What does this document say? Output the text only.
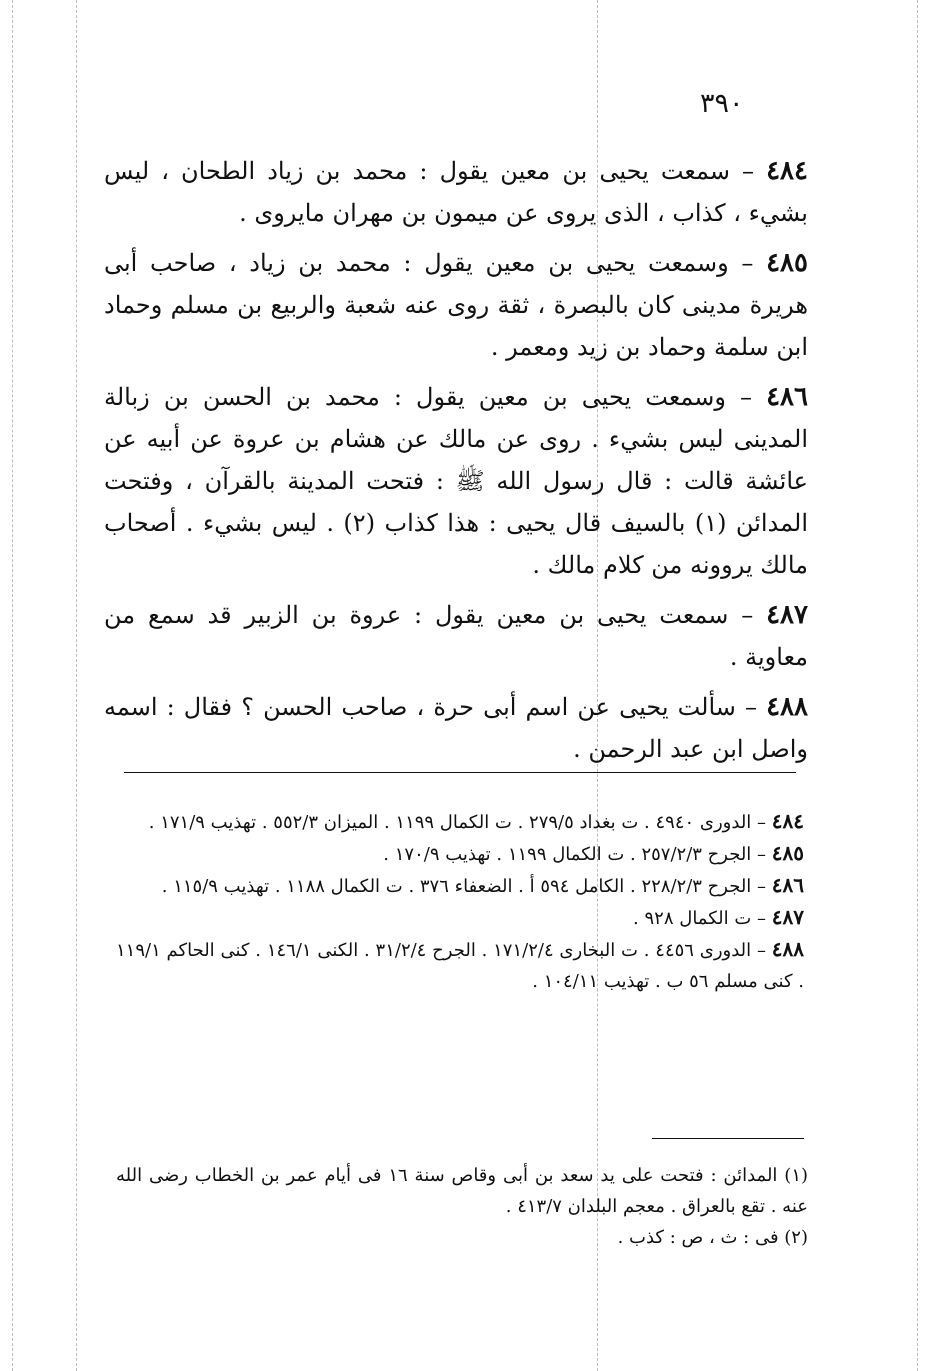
٣٩٠

٤٨٤ – سمعت يحيى بن معين يقول : محمد بن زياد الطحان ، ليس بشيء ، كذاب ، الذى يروى عن ميمون بن مهران مايروى .

٤٨٥ – وسمعت يحيى بن معين يقول : محمد بن زياد ، صاحب أبى هريرة مدينى كان بالبصرة ، ثقة روى عنه شعبة والربيع بن مسلم وحماد ابن سلمة وحماد بن زيد ومعمر .

٤٨٦ – وسمعت يحيى بن معين يقول : محمد بن الحسن بن زبالة المدينى ليس بشيء . روى عن مالك عن هشام بن عروة عن أبيه عن عائشة قالت : قال رسول الله ﷺ : فتحت المدينة بالقرآن ، وفتحت المدائن (١) بالسيف قال يحيى : هذا كذاب (٢) . ليس بشيء . أصحاب مالك يروونه من كلام مالك .

٤٨٧ – سمعت يحيى بن معين يقول : عروة بن الزبير قد سمع من معاوية .

٤٨٨ – سألت يحيى عن اسم أبى حرة ، صاحب الحسن ؟ فقال : اسمه واصل ابن عبد الرحمن .

٤٨٤ – الدورى ٤٩٤٠ . ت بغداد ٢٧٩/٥ . ت الكمال ١١٩٩ . الميزان ٥٥٢/٣ . تهذيب ١٧١/٩ .

٤٨٥ – الجرح ٢٥٧/٢/٣ . ت الكمال ١١٩٩ . تهذيب ١٧٠/٩ .

٤٨٦ – الجرح ٢٢٨/٢/٣ . الكامل ٥٩٤ أ . الضعفاء ٣٧٦ . ت الكمال ١١٨٨ . تهذيب ١١٥/٩ .

٤٨٧ – ت الكمال ٩٢٨ .

٤٨٨ – الدورى ٤٤٥٦ . ت البخارى ١٧١/٢/٤ . الجرح ٣١/٢/٤ . الكنى ١٤٦/١ . كنى الحاكم ١١٩/١ . كنى مسلم ٥٦ ب . تهذيب ١٠٤/١١ .

(١) المدائن : فتحت على يد سعد بن أبى وقاص سنة ١٦ فى أيام عمر بن الخطاب رضى الله عنه . تقع بالعراق . معجم البلدان ٤١٣/٧ .

(٢) فى : ث ، ص : كذب .
